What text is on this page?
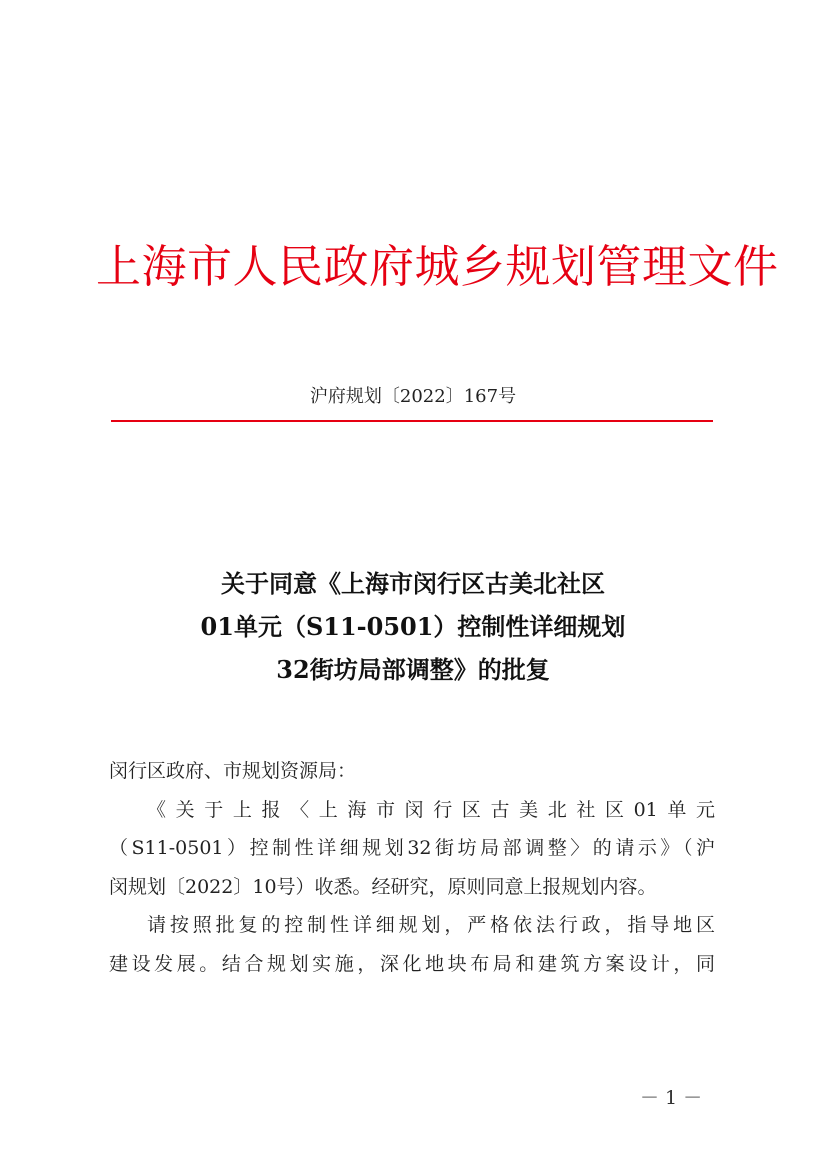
上海市人民政府城乡规划管理文件
沪府规划〔2022〕167号
关于同意《上海市闵行区古美北社区
01单元（S11-0501）控制性详细规划
32街坊局部调整》的批复
闵行区政府、市规划资源局：
《关于上报〈上海市闵行区古美北社区01单元
（S11-0501）控制性详细规划32街坊局部调整〉的请示》（沪
闵规划〔2022〕10号）收悉。经研究，原则同意上报规划内容。
请按照批复的控制性详细规划，严格依法行政，指导地区
建设发展。结合规划实施，深化地块布局和建筑方案设计，同
－ 1 －
